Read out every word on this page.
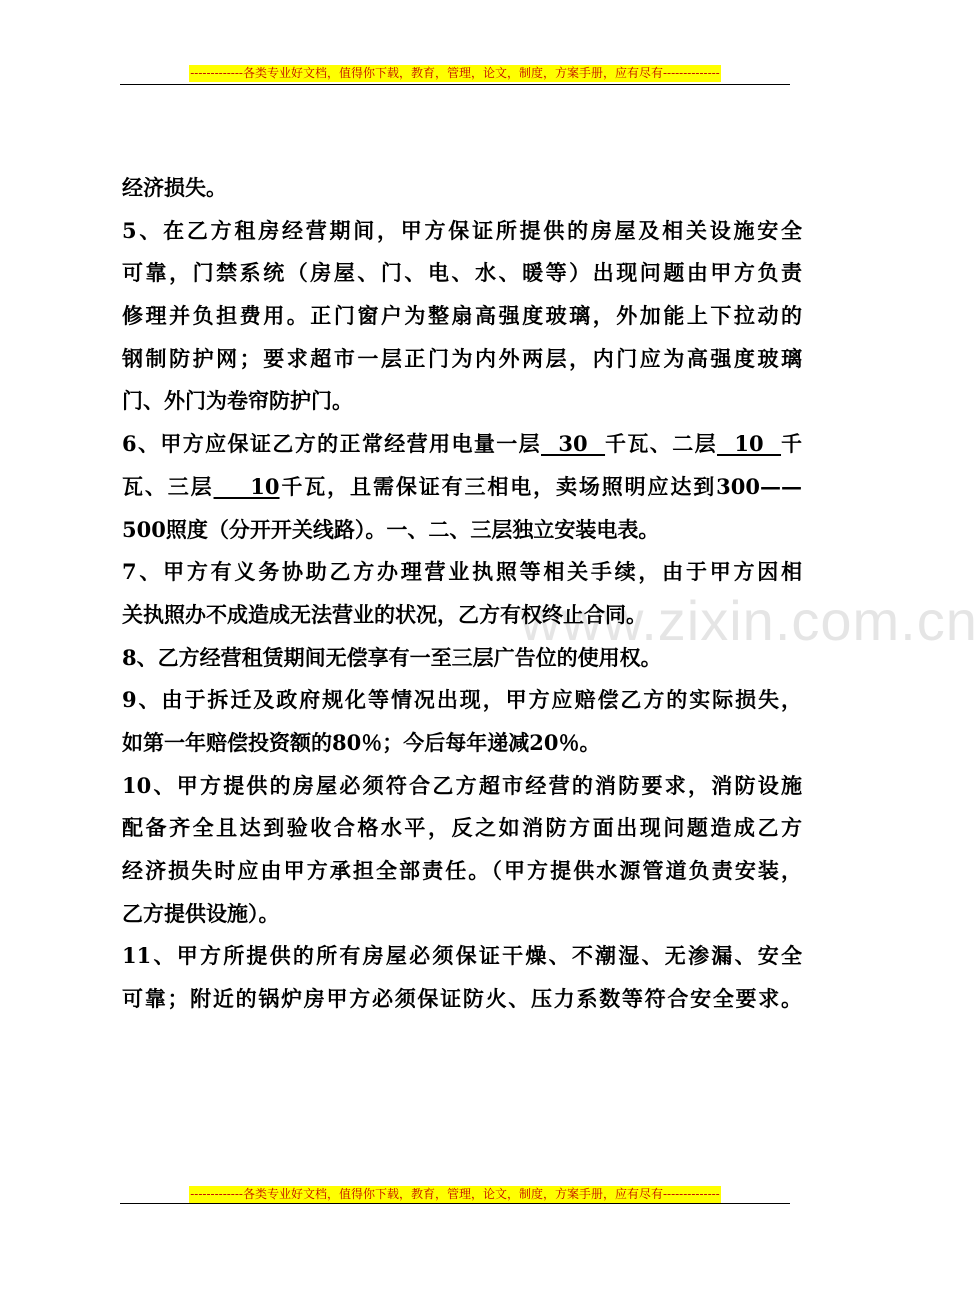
-------------各类专业好文档，值得你下载，教育，管理，论文，制度，方案手册，应有尽有--------------
www.zixin.com.cn
经济损失。
5、在乙方租房经营期间，甲方保证所提供的房屋及相关设施安全
可靠，门禁系统（房屋、门、电、水、暖等）出现问题由甲方负责
修理并负担费用。正门窗户为整扇高强度玻璃，外加能上下拉动的
钢制防护网；要求超市一层正门为内外两层，内门应为高强度玻璃
门、外门为卷帘防护门。
6、甲方应保证乙方的正常经营用电量一层  30  千瓦、二层  10  千
瓦、三层    10千瓦，且需保证有三相电，卖场照明应达到300——
500照度（分开开关线路）。一、二、三层独立安装电表。
7、甲方有义务协助乙方办理营业执照等相关手续，由于甲方因相
关执照办不成造成无法营业的状况，乙方有权终止合同。
8、乙方经营租赁期间无偿享有一至三层广告位的使用权。
9、由于拆迁及政府规化等情况出现，甲方应赔偿乙方的实际损失，
如第一年赔偿投资额的80％；今后每年递减20％。
10、甲方提供的房屋必须符合乙方超市经营的消防要求，消防设施
配备齐全且达到验收合格水平，反之如消防方面出现问题造成乙方
经济损失时应由甲方承担全部责任。（甲方提供水源管道负责安装，
乙方提供设施）。
11、甲方所提供的所有房屋必须保证干燥、不潮湿、无渗漏、安全
可靠；附近的锅炉房甲方必须保证防火、压力系数等符合安全要求。
-------------各类专业好文档，值得你下载，教育，管理，论文，制度，方案手册，应有尽有--------------
